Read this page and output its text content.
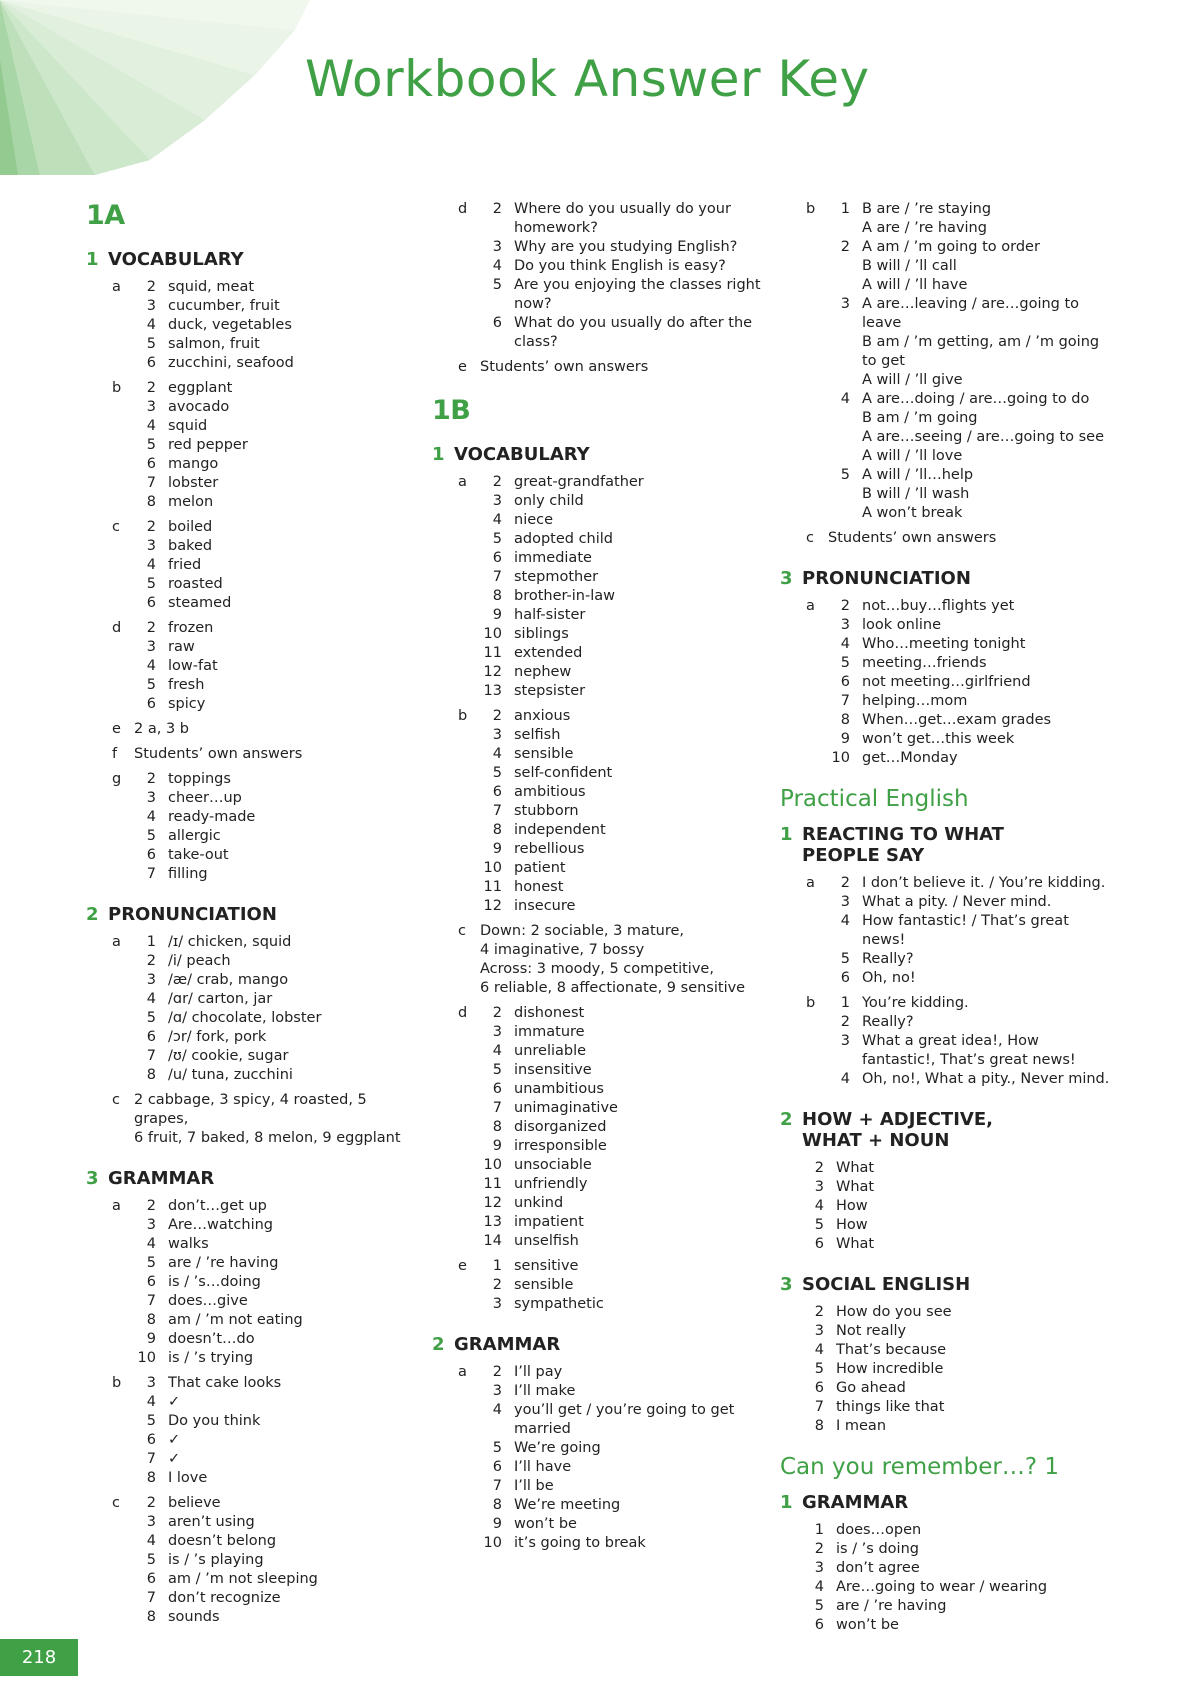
Workbook Answer Key
1A
1 VOCABULARY
a	2 squid, meat
3 cucumber, fruit
4 duck, vegetables
5 salmon, fruit
6 zucchini, seafood
b	2 eggplant
3 avocado
4 squid
5 red pepper
6 mango
7 lobster
8 melon
c	2 boiled
3 baked
4 fried
5 roasted
6 steamed
d	2 frozen
3 raw
4 low-fat
5 fresh
6 spicy
e 2 a, 3 b
f	Students’ own answers
g	2 toppings
3 cheer…up
4 ready-made
5 allergic
6 take-out
7 filling
2 PRONUNCIATION
a	1 /ɪ/ chicken, squid
2 /i/ peach
3 /æ/ crab, mango
4 /ɑr/ carton, jar
5 /ɑ/ chocolate, lobster
6 /ɔr/ fork, pork
7 /ʊ/ cookie, sugar
8 /u/ tuna, zucchini
c 2 cabbage, 3 spicy, 4 roasted, 5 grapes,
6 fruit, 7 baked, 8 melon, 9 eggplant
3 GRAMMAR
a	2 don’t…get up
3 Are…watching
4 walks
5 are / ’re having
6 is / ’s…doing
7 does…give
8 am / ’m not eating
9 doesn’t…do
10 is / ’s trying
b	3 That cake looks
4 ✓
5 Do you think
6 ✓
7 ✓
8 I love
c	2 believe
3 aren’t using
4 doesn’t belong
5 is / ’s playing
6 am / ’m not sleeping
7 don’t recognize
8 sounds
d	2 Where do you usually do your homework?
3 Why are you studying English?
4 Do you think English is easy?
5 Are you enjoying the classes right now?
6 What do you usually do after the class?
e Students’ own answers
1B
1 VOCABULARY
a	2 great-grandfather
3 only child
4 niece
5 adopted child
6 immediate
7 stepmother
8 brother-in-law
9 half-sister
10 siblings
11 extended
12 nephew
13 stepsister
b	2 anxious
3 selfish
4 sensible
5 self-confident
6 ambitious
7 stubborn
8 independent
9 rebellious
10 patient
11 honest
12 insecure
c Down: 2 sociable, 3 mature,
4 imaginative, 7 bossy
Across: 3 moody, 5 competitive,
6 reliable, 8 affectionate, 9 sensitive
d	2 dishonest
3 immature
4 unreliable
5 insensitive
6 unambitious
7 unimaginative
8 disorganized
9 irresponsible
10 unsociable
11 unfriendly
12 unkind
13 impatient
14 unselfish
e	1 sensitive
2 sensible
3 sympathetic
2 GRAMMAR
a	2 I’ll pay
3 I’ll make
4 you’ll get / you’re going to get married
5 We’re going
6 I’ll have
7 I’ll be
8 We’re meeting
9 won’t be
10 it’s going to break
b	1 B are / ’re staying
A are / ’re having
2 A am / ’m going to order
B will / ’ll call
A will / ’ll have
3 A are…leaving / are…going to leave
B am / ’m getting, am / ’m going to get
A will / ’ll give
4 A are…doing / are…going to do
B am / ’m going
A are…seeing / are…going to see
A will / ’ll love
5 A will / ’ll…help
B will / ’ll wash
A won’t break
c Students’ own answers
3 PRONUNCIATION
a	2 not…buy…flights yet
3 look online
4 Who…meeting tonight
5 meeting…friends
6 not meeting…girlfriend
7 helping…mom
8 When…get…exam grades
9 won’t get…this week
10 get…Monday
Practical English
1 REACTING TO WHAT
PEOPLE SAY
a	2 I don’t believe it. / You’re kidding.
3 What a pity. / Never mind.
4 How fantastic! / That’s great news!
5 Really?
6 Oh, no!
b	1 You’re kidding.
2 Really?
3 What a great idea!, How fantastic!, That’s great news!
4 Oh, no!, What a pity., Never mind.
2 HOW + ADJECTIVE,
WHAT + NOUN
2 What
3 What
4 How
5 How
6 What
3 SOCIAL ENGLISH
2 How do you see
3 Not really
4 That’s because
5 How incredible
6 Go ahead
7 things like that
8 I mean
Can you remember…? 1
1 GRAMMAR
1 does…open
2 is / ’s doing
3 don’t agree
4 Are…going to wear / wearing
5 are / ’re having
6 won’t be
218
